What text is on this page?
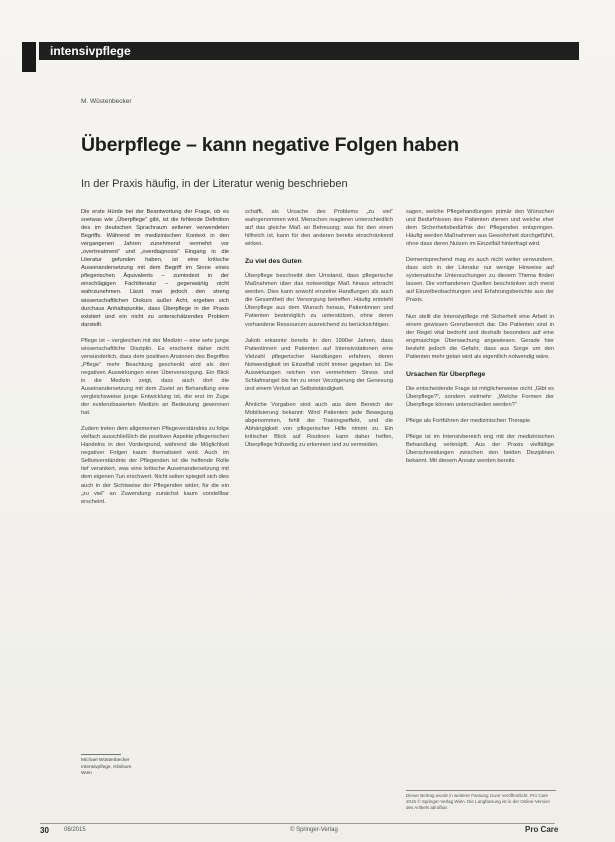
intensivpflege
M. Wüstenbecker
Überpflege – kann negative Folgen haben
In der Praxis häufig, in der Literatur wenig beschrieben

Die erste Hürde bei der Beantwortung der Frage, ob es soetwas wie „Überpflege“ gibt, ist die fehlende Definition des im deutschen Sprachraum seltener verwendeten Begriffs. Während im medizinischen Kontext in den vergangenen Jahren zunehmend vermehrt vor „overtreatment“ und „overdiagnosis“ Eingang in die Literatur gefunden haben, ist eine kritische Auseinandersetzung mit dem Begriff im Sinne eines pflegerischen Äquivalents – zumindest in der einschlägigen Fachliteratur – gegenwärtig nicht wahrzunehmen. Lässt man jedoch den streng wissenschaftlichen Diskurs außer Acht, ergeben sich durchaus Anhaltspunkte, dass Überpflege in der Praxis existiert und ein nicht zu unterschätzendes Problem darstellt.

Pflege ist – vergleichen mit der Medizin – eine sehr junge wissenschaftliche Disziplin. Es erscheint daher nicht verwunderlich, dass dem positiven Ansinnen des Begriffes „Pflege“ mehr Beachtung geschenkt wird als den negativen Auswirkungen einer Überversorgung. Ein Blick in die Medizin zeigt, dass auch dort die Auseinandersetzung mit dem Zuviel an Behandlung eine vergleichsweise junge Entwicklung ist, die erst im Zuge der evidenzbasierten Medizin an Bedeutung gewonnen hat.

Zudem treten dem allgemeinen Pflegeverständnis zu folge vielfach ausschließlich die positiven Aspekte pflegerischen Handelns in den Vordergrund, während die Möglichkeit negativer Folgen kaum thematisiert wird. Auch im Selbstverständnis der Pflegenden ist die helfende Rolle tief verankert, was eine kritische Auseinandersetzung mit dem eigenen Tun erschwert. Nicht selten spiegelt sich dies auch in der Sichtweise der Pflegenden wider, für die ein „zu viel“ an Zuwendung zunächst kaum vorstellbar erscheint.

schafft, als Ursache des Problems „zu viel“ wahrgenommen wird. Menschen reagieren unterschiedlich auf das gleiche Maß an Betreuung; was für den einen hilfreich ist, kann für den anderen bereits einschränkend wirken.

Zu viel des Guten

Überpflege beschreibt den Umstand, dass pflegerische Maßnahmen über das notwendige Maß hinaus erbracht werden. Dies kann sowohl einzelne Handlungen als auch die Gesamtheit der Versorgung betreffen. Häufig entsteht Überpflege aus dem Wunsch heraus, Patientinnen und Patienten bestmöglich zu unterstützen, ohne deren vorhandene Ressourcen ausreichend zu berücksichtigen.

Jakob erkannte bereits in den 1990er Jahren, dass Patientinnen und Patienten auf Intensivstationen eine Vielzahl pflegerischer Handlungen erfahren, deren Notwendigkeit im Einzelfall nicht immer gegeben ist. Die Auswirkungen reichen von vermehrtem Stress und Schlafmangel bis hin zu einer Verzögerung der Genesung und einem Verlust an Selbstständigkeit.

Ähnliche Vorgaben sind auch aus dem Bereich der Mobilisierung bekannt: Wird Patienten jede Bewegung abgenommen, fehlt der Trainingseffekt, und die Abhängigkeit von pflegerischer Hilfe nimmt zu. Ein kritischer Blick auf Routinen kann daher helfen, Überpflege frühzeitig zu erkennen und zu vermeiden.

sagen, welche Pflegehandlungen primär den Wünschen und Bedürfnissen des Patienten dienen und welche eher dem Sicherheitsbedürfnis der Pflegenden entspringen. Häufig werden Maßnahmen aus Gewohnheit durchgeführt, ohne dass deren Nutzen im Einzelfall hinterfragt wird.

Dementsprechend mag es auch nicht weiter verwundern, dass sich in der Literatur nur wenige Hinweise auf systematische Untersuchungen zu diesem Thema finden lassen. Die vorhandenen Quellen beschränken sich meist auf Einzelbeobachtungen und Erfahrungsberichte aus der Praxis.

Nun stellt die Intensivpflege mit Sicherheit eine Arbeit in einem gewissen Grenzbereich dar. Die Patienten sind in der Regel vital bedroht und deshalb besonders auf eine engmaschige Überwachung angewiesen. Gerade hier besteht jedoch die Gefahr, dass aus Sorge um den Patienten mehr getan wird als eigentlich notwendig wäre.

Ursachen für Überpflege

Die entscheidende Frage ist möglicherweise nicht „Gibt es Überpflege?“, sondern vielmehr: „Welche Formen der Überpflege können unterschieden werden?“

Pflege als Fortführen der medizinischen Therapie

Pflege ist im Intensivbereich eng mit der medizinischen Behandlung verknüpft. Aus der Praxis vielfältige Überschneidungen zwischen den beiden Disziplinen bekannt. Mit diesem Ansatz werden bereits

Michael Wüstenbecker
Intensivpflege, Klinikum
Wien
Dieser Beitrag wurde in weiterer Fassung zuvor veröffentlicht. Pro Care 2015 © Springer-Verlag Wien. Die Langfassung ist in der Online-Version des Artikels abrufbar.
30	06/2015	© Springer-Verlag	Pro Care
